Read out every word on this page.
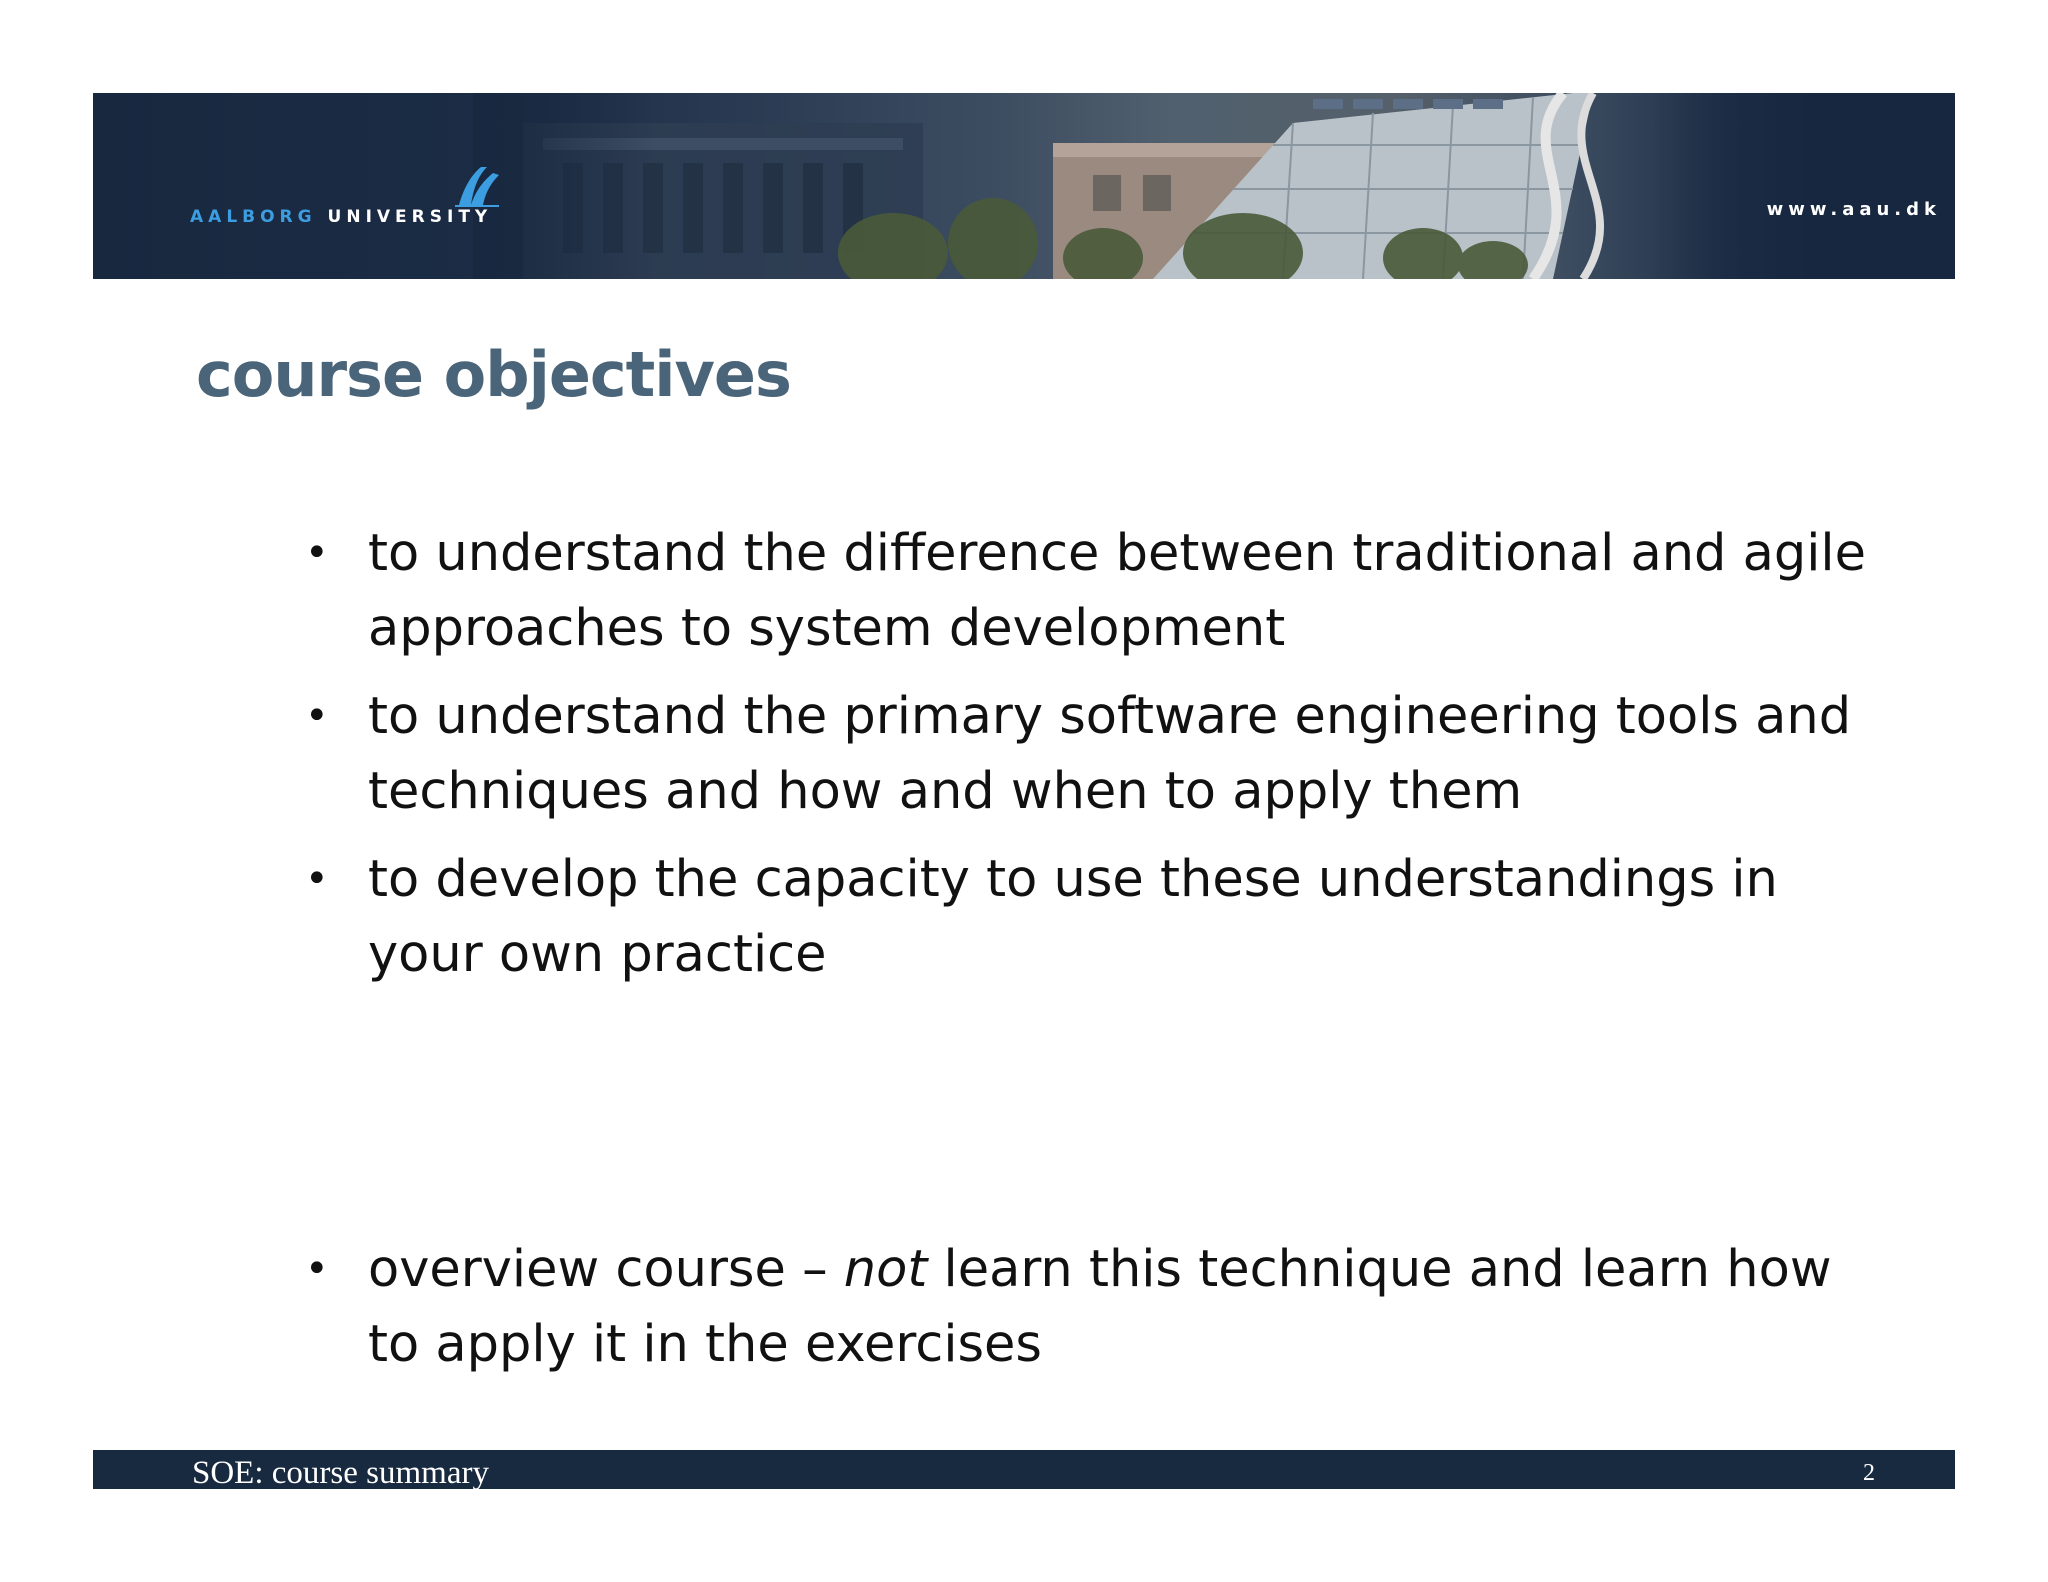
AALBORG UNIVERSITY	www.aau.dk
course objectives
• to understand the difference between traditional and agile approaches to system development
• to understand the primary software engineering tools and techniques and how and when to apply them
• to develop the capacity to use these understandings in your own practice
• overview course – not learn this technique and learn how to apply it in the exercises
SOE: course summary	2
